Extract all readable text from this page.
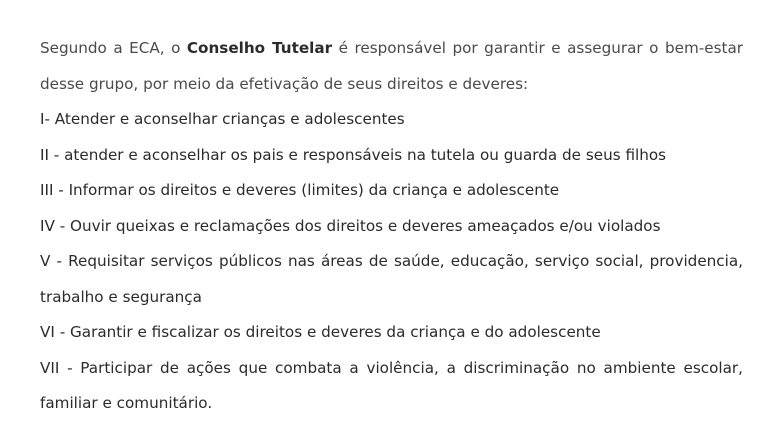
Segundo a ECA, o Conselho Tutelar é responsável por garantir e assegurar o bem-estar desse grupo, por meio da efetivação de seus direitos e deveres:

I- Atender e aconselhar crianças e adolescentes

II - atender e aconselhar os pais e responsáveis na tutela ou guarda de seus filhos

III - Informar os direitos e deveres (limites) da criança e adolescente

IV - Ouvir queixas e reclamações dos direitos e deveres ameaçados e/ou violados

V - Requisitar serviços públicos nas áreas de saúde, educação, serviço social, providencia, trabalho e segurança

VI - Garantir e fiscalizar os direitos e deveres da criança e do adolescente

VII - Participar de ações que combata a violência, a discriminação no ambiente escolar, familiar e comunitário.
